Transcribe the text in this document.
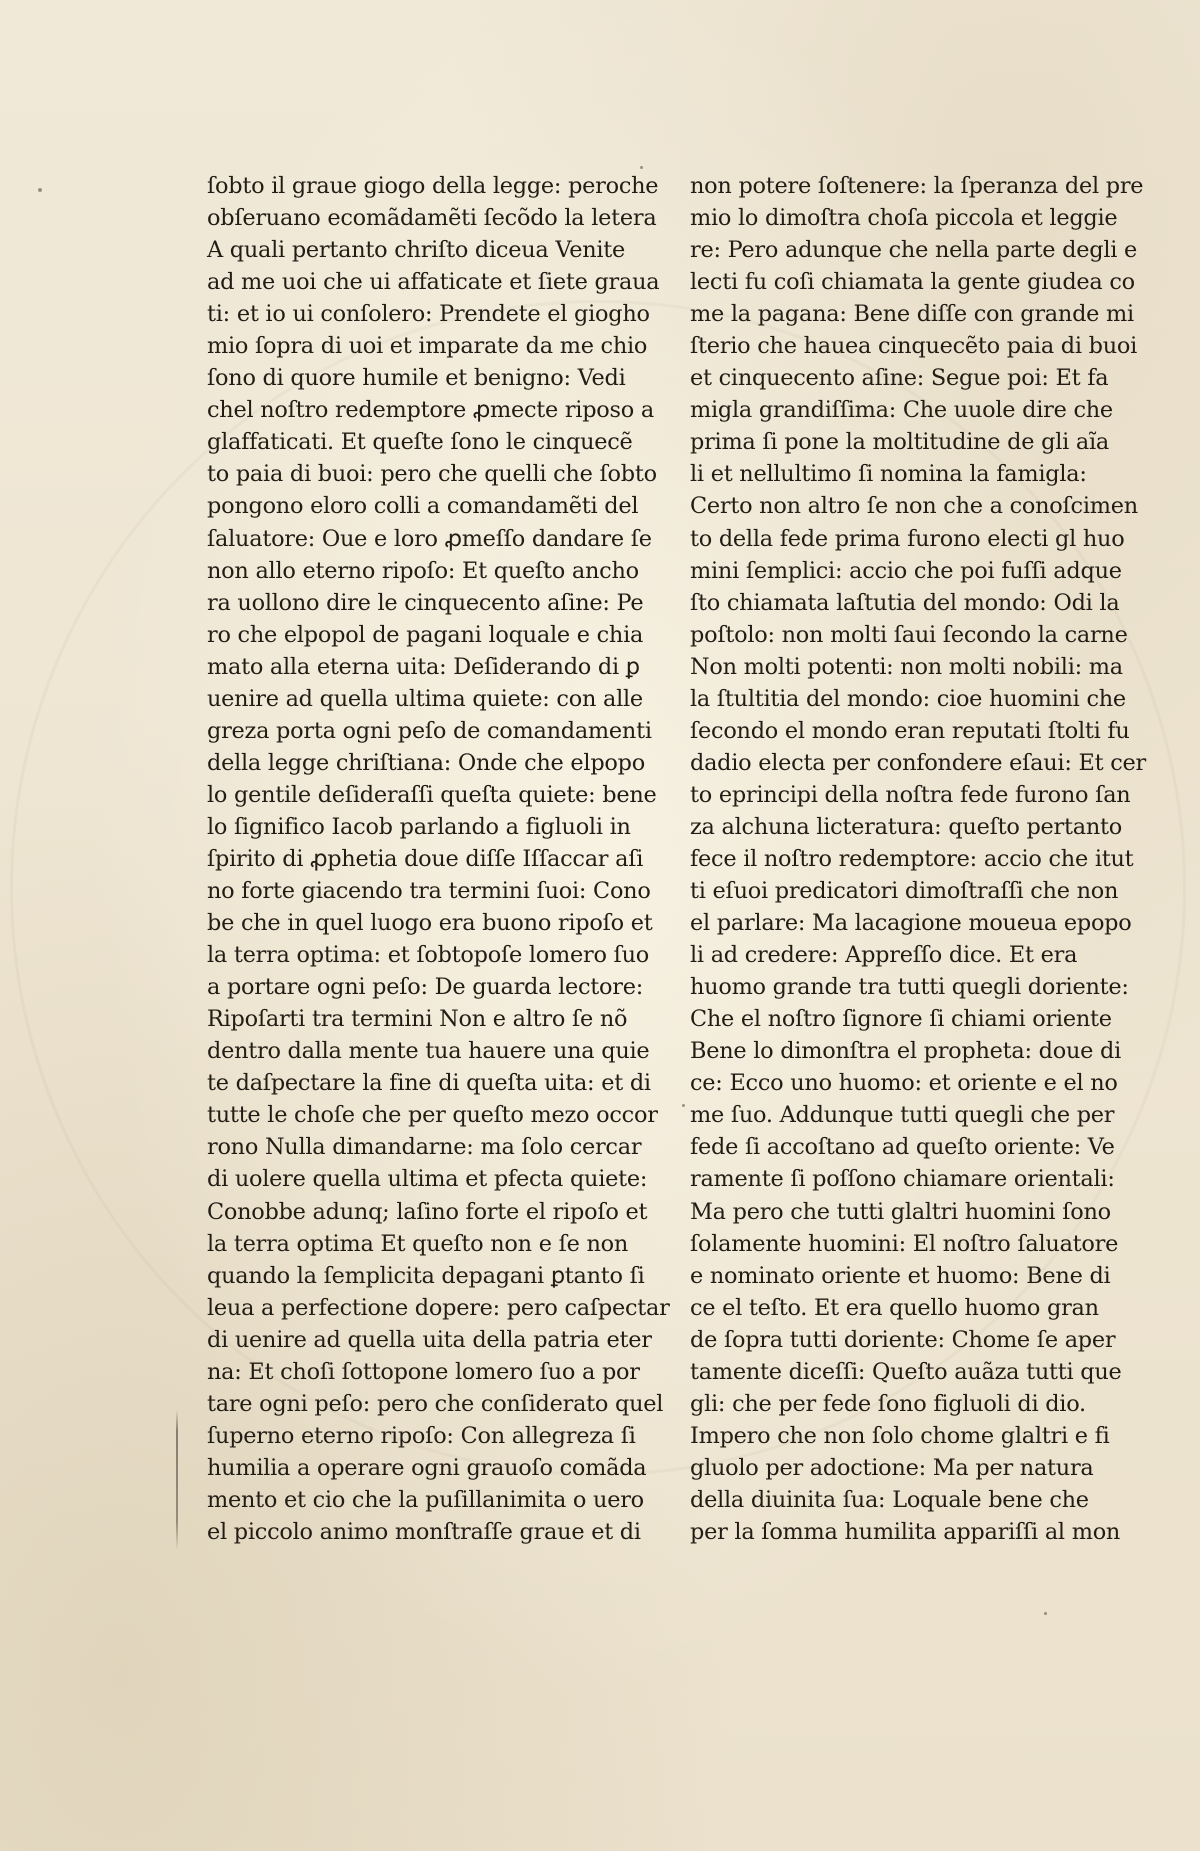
ſobto il graue giogo della legge: peroche
obſeruano ecomãdamẽti ſecõdo la letera
A quali pertanto chriſto diceua Venite
ad me uoi che ui affaticate et ſiete graua
ti: et io ui conſolero: Prendete el giogho
mio ſopra di uoi et imparate da me chio
ſono di quore humile et benigno: Vedi
chel noſtro redemptore ꝓmecte riposo a
glaffaticati. Et queſte ſono le cinquecẽ
to paia di buoi: pero che quelli che ſobto
pongono eloro colli a comandamẽti del
ſaluatore: Oue e loro ꝓmeſſo dandare ſe
non allo eterno ripoſo: Et queſto ancho
ra uollono dire le cinquecento aſine: Pe
ro che elpopol de pagani loquale e chia
mato alla eterna uita: Deſiderando di ꝑ
uenire ad quella ultima quiete: con alle
greza porta ogni peſo de comandamenti
della legge chriſtiana: Onde che elpopo
lo gentile deſideraſſi queſta quiete: bene
lo ſignifico Iacob parlando a figluoli in
ſpirito di ꝓphetia doue diſſe Iſſaccar aſi
no forte giacendo tra termini ſuoi: Cono
be che in quel luogo era buono ripoſo et
la terra optima: et ſobtopoſe lomero ſuo
a portare ogni peſo: De guarda lectore:
Ripoſarti tra termini Non e altro ſe nõ
dentro dalla mente tua hauere una quie
te daſpectare la fine di queſta uita: et di
tutte le choſe che per queſto mezo occor
rono Nulla dimandarne: ma ſolo cercar
di uolere quella ultima et pfecta quiete:
Conobbe adunq; laſino forte el ripoſo et
la terra optima Et queſto non e ſe non
quando la ſemplicita depagani ꝑtanto ſi
leua a perfectione dopere: pero caſpectar
di uenire ad quella uita della patria eter
na: Et choſi ſottopone lomero ſuo a por
tare ogni peſo: pero che conſiderato quel
ſuperno eterno ripoſo: Con allegreza ſi
humilia a operare ogni grauoſo comãda
mento et cio che la puſillanimita o uero
el piccolo animo monſtraſſe graue et di
non potere ſoſtenere: la ſperanza del pre
mio lo dimoſtra choſa piccola et leggie
re: Pero adunque che nella parte degli e
lecti fu coſi chiamata la gente giudea co
me la pagana: Bene diſſe con grande mi
ſterio che hauea cinquecẽto paia di buoi
et cinquecento aſine: Segue poi: Et fa
migla grandiſſima: Che uuole dire che
prima ſi pone la moltitudine de gli aĩa
li et nellultimo ſi nomina la famigla:
Certo non altro ſe non che a conoſcimen
to della fede prima furono electi gl huo
mini ſemplici: accio che poi fuſſi adque
ſto chiamata laſtutia del mondo: Odi la
poſtolo: non molti ſaui ſecondo la carne
Non molti potenti: non molti nobili: ma
la ſtultitia del mondo: cioe huomini che
ſecondo el mondo eran reputati ſtolti fu
dadio electa per confondere eſaui: Et cer
to eprincipi della noſtra fede furono ſan
za alchuna licteratura: queſto pertanto
fece il noſtro redemptore: accio che itut
ti eſuoi predicatori dimoſtraſſi che non
el parlare: Ma lacagione moueua epopo
li ad credere: Appreſſo dice. Et era
huomo grande tra tutti quegli doriente:
Che el noſtro ſignore ſi chiami oriente
Bene lo dimonſtra el propheta: doue di
ce: Ecco uno huomo: et oriente e el no
me ſuo. Addunque tutti quegli che per
fede ſi accoſtano ad queſto oriente: Ve
ramente ſi poſſono chiamare orientali:
Ma pero che tutti glaltri huomini ſono
ſolamente huomini: El noſtro ſaluatore
e nominato oriente et huomo: Bene di
ce el teſto. Et era quello huomo gran
de ſopra tutti doriente: Chome ſe aper
tamente diceſſi: Queſto auãza tutti que
gli: che per fede ſono figluoli di dio.
Impero che non ſolo chome glaltri e fi
gluolo per adoctione: Ma per natura
della diuinita ſua: Loquale bene che
per la ſomma humilita appariſſi al mon
